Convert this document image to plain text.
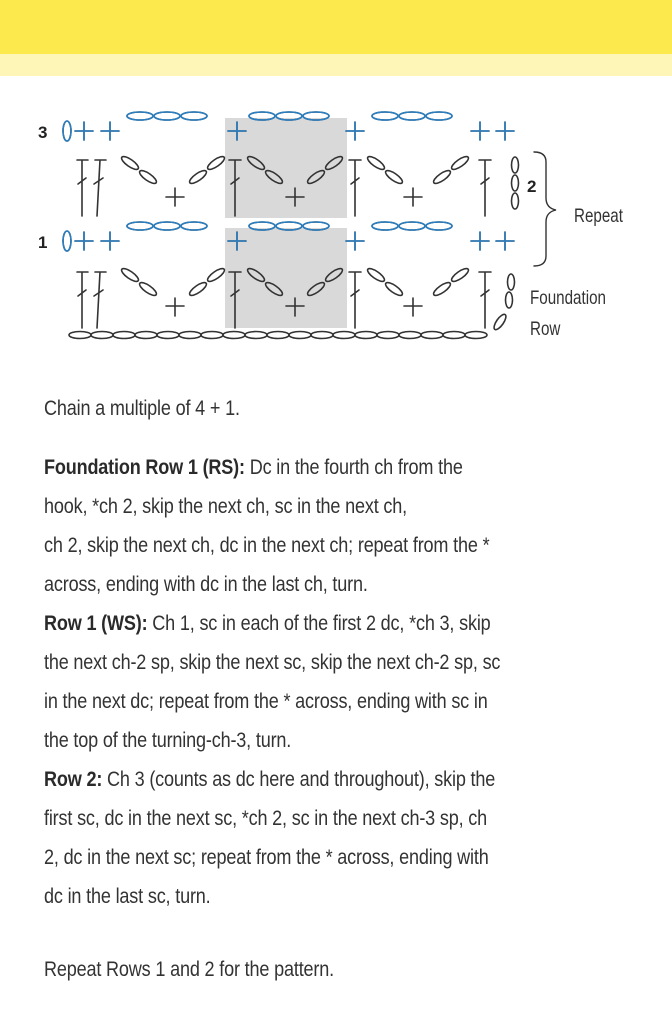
3
2
1
Repeat
Foundation
Row

Chain a multiple of 4 + 1.

Foundation Row 1 (RS): Dc in the fourth ch from the
hook, *ch 2, skip the next ch, sc in the next ch,
ch 2, skip the next ch, dc in the next ch; repeat from the *
across, ending with dc in the last ch, turn.
Row 1 (WS): Ch 1, sc in each of the first 2 dc, *ch 3, skip
the next ch-2 sp, skip the next sc, skip the next ch-2 sp, sc
in the next dc; repeat from the * across, ending with sc in
the top of the turning-ch-3, turn.
Row 2: Ch 3 (counts as dc here and throughout), skip the
first sc, dc in the next sc, *ch 2, sc in the next ch-3 sp, ch
2, dc in the next sc; repeat from the * across, ending with
dc in the last sc, turn.

Repeat Rows 1 and 2 for the pattern.
